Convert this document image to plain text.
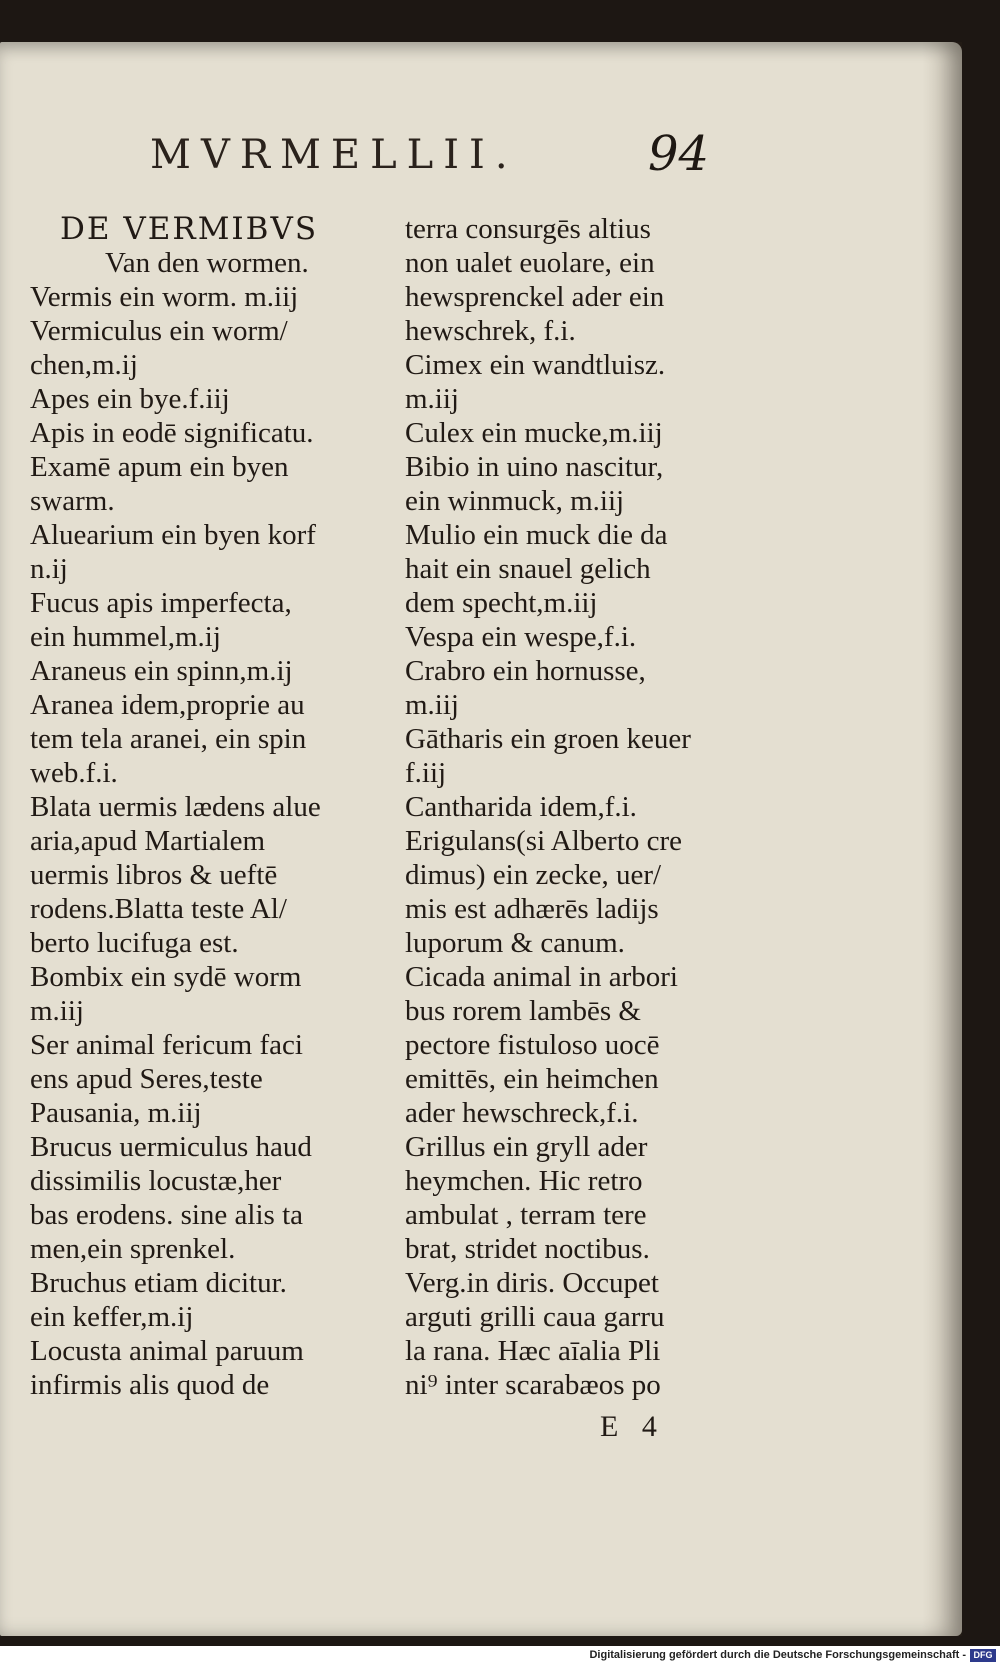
MVRMELLII.	94
DE VERMIBVS
Van den wormen.
Vermis ein worm. m.iij
Vermiculus ein worm/
chen,m.ij
Apes ein bye.f.iij
Apis in eodē significatu.
Examē apum ein byen
swarm.
Aluearium ein byen korf
n.ij
Fucus apis imperfecta,
ein hummel,m.ij
Araneus ein spinn,m.ij
Aranea idem,proprie au
tem tela aranei, ein spin
web.f.i.
Blata uermis lædens alue
aria,apud Martialem
uermis libros & ueftē
rodens.Blatta teste Al/
berto lucifuga est.
Bombix ein sydē worm
m.iij
Ser animal fericum faci
ens apud Seres,teste
Pausania, m.iij
Brucus uermiculus haud
dissimilis locustæ,her
bas erodens. sine alis ta
men,ein sprenkel.
Bruchus etiam dicitur.
ein keffer,m.ij
Locusta animal paruum
infirmis alis quod de
terra consurgēs altius
non ualet euolare, ein
hewsprenckel ader ein
hewschrek, f.i.
Cimex ein wandtluisz.
m.iij
Culex ein mucke,m.iij
Bibio in uino nascitur,
ein winmuck, m.iij
Mulio ein muck die da
hait ein snauel gelich
dem specht,m.iij
Vespa ein wespe,f.i.
Crabro ein hornusse,
m.iij
Gātharis ein groen keuer
f.iij
Cantharida idem,f.i.
Erigulans(si Alberto cre
dimus) ein zecke, uer/
mis est adhærēs ladijs
luporum & canum.
Cicada animal in arbori
bus rorem lambēs &
pectore fistuloso uocē
emittēs, ein heimchen
ader hewschreck,f.i.
Grillus ein gryll ader
heymchen. Hic retro
ambulat , terram tere
brat, stridet noctibus.
Verg.in diris. Occupet
arguti grilli caua garru
la rana. Hæc aīalia Pli
ni⁹ inter scarabæos po
E 4
Digitalisierung gefördert durch die Deutsche Forschungsgemeinschaft - DFG
